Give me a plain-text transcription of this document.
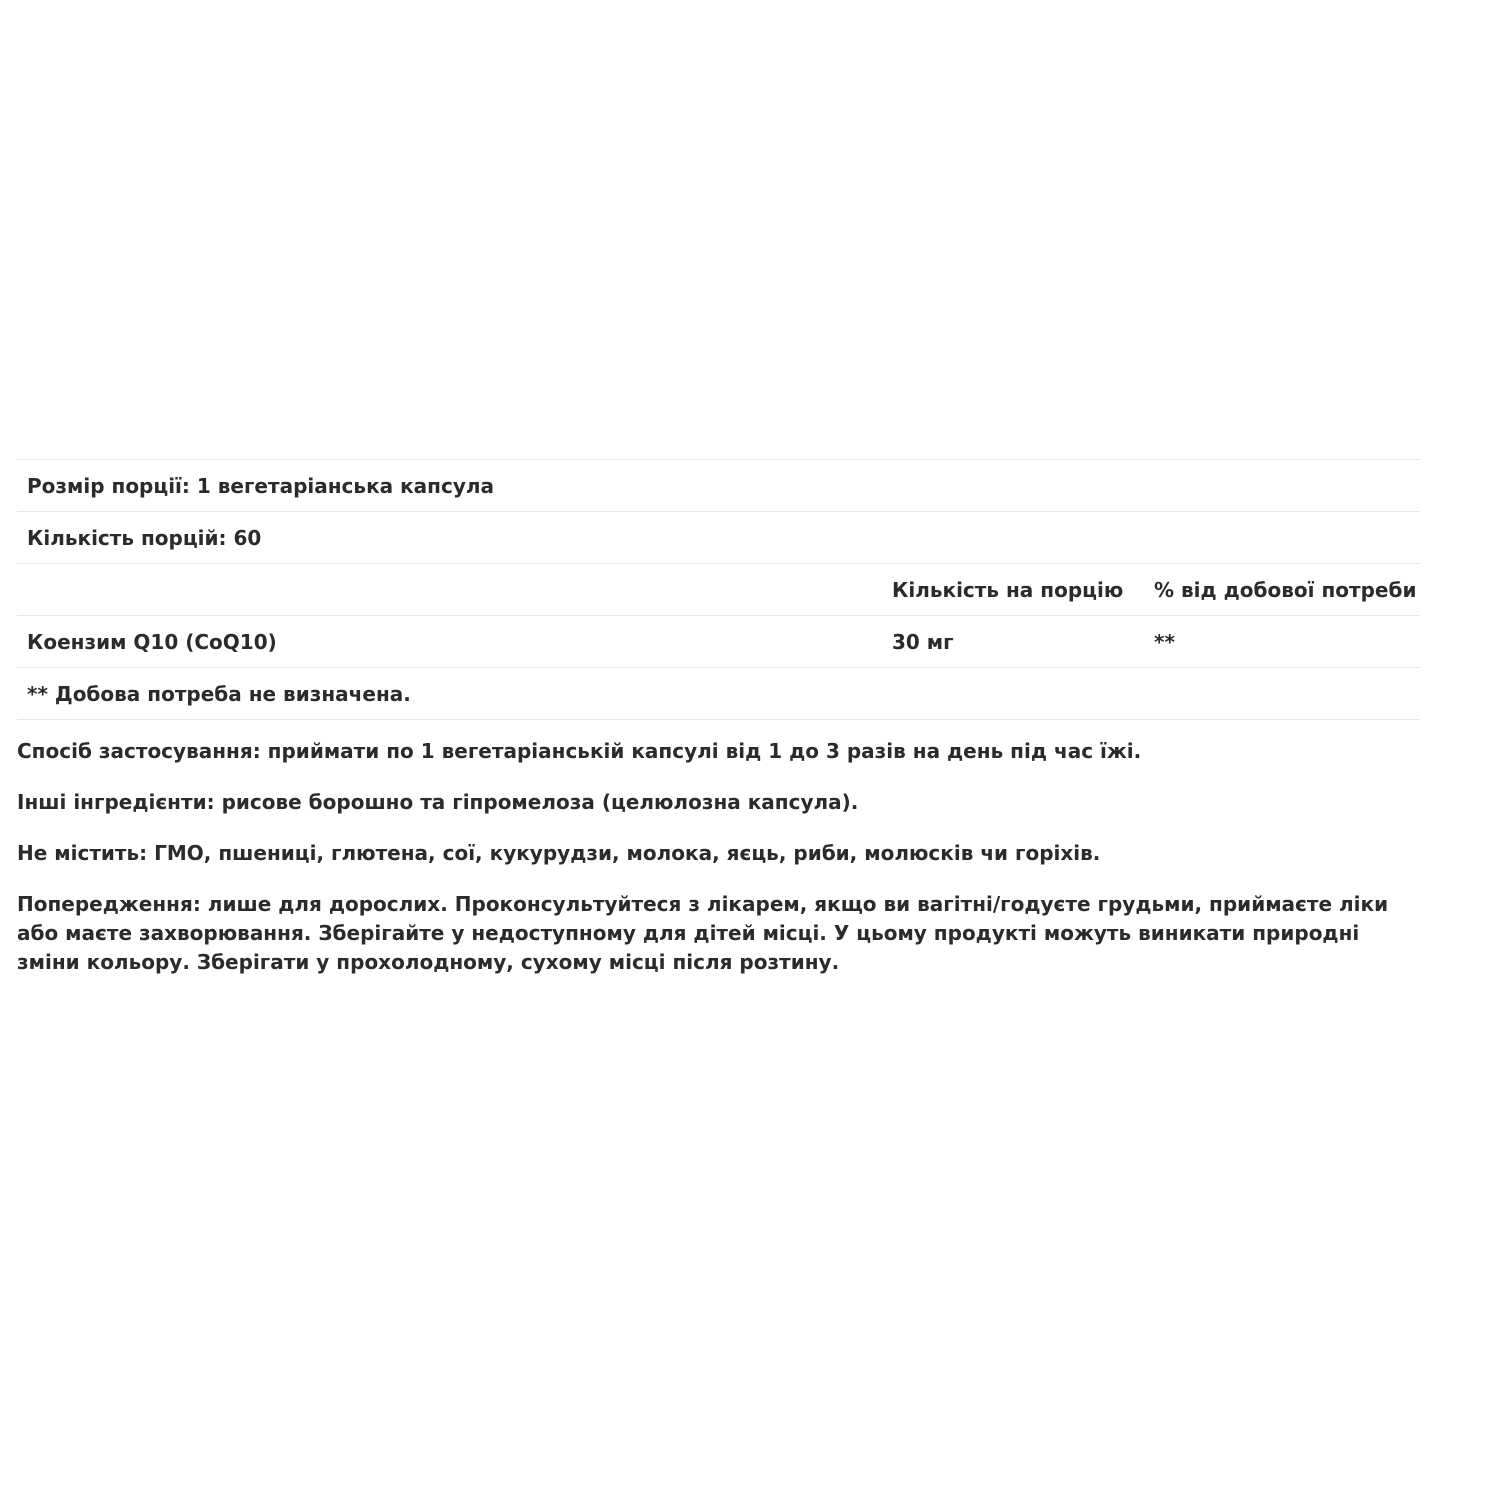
Розмір порції: 1 вегетаріанська капсула		
Кількість порцій: 60		
	Кількість на порцію	% від добової потреби
Коензим Q10 (CoQ10)	30 мг	**
** Добова потреба не визначена.		

Спосіб застосування: приймати по 1 вегетаріанській капсулі від 1 до 3 разів на день під час їжі.

Інші інгредієнти: рисове борошно та гіпромелоза (целюлозна капсула).

Не містить: ГМО, пшениці, глютена, сої, кукурудзи, молока, яєць, риби, молюсків чи горіхів.

Попередження: лише для дорослих. Проконсультуйтеся з лікарем, якщо ви вагітні/годуєте грудьми, приймаєте ліки або маєте захворювання. Зберігайте у недоступному для дітей місці. У цьому продукті можуть виникати природні зміни кольору. Зберігати у прохолодному, сухому місці після розтину.
